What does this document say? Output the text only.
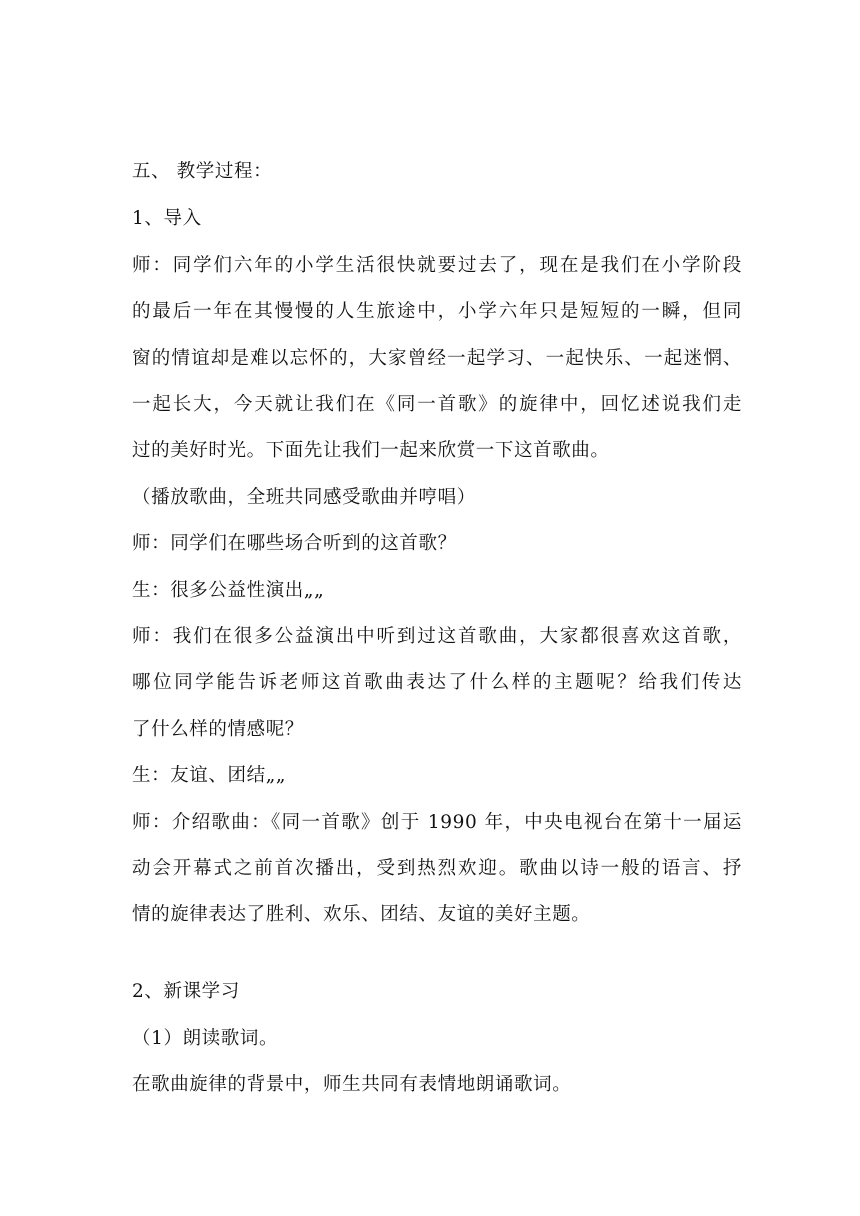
五、 教学过程：
1、导入
师：同学们六年的小学生活很快就要过去了，现在是我们在小学阶段
的最后一年在其慢慢的人生旅途中，小学六年只是短短的一瞬，但同
窗的情谊却是难以忘怀的，大家曾经一起学习、一起快乐、一起迷惘、
一起长大，今天就让我们在《同一首歌》的旋律中，回忆述说我们走
过的美好时光。下面先让我们一起来欣赏一下这首歌曲。
（播放歌曲，全班共同感受歌曲并哼唱）
师：同学们在哪些场合听到的这首歌？
生：很多公益性演出„„
师：我们在很多公益演出中听到过这首歌曲，大家都很喜欢这首歌，
哪位同学能告诉老师这首歌曲表达了什么样的主题呢？给我们传达
了什么样的情感呢？
生：友谊、团结„„
师：介绍歌曲：《同一首歌》创于 1990 年，中央电视台在第十一届运
动会开幕式之前首次播出，受到热烈欢迎。歌曲以诗一般的语言、抒
情的旋律表达了胜利、欢乐、团结、友谊的美好主题。
2、新课学习
（1）朗读歌词。
在歌曲旋律的背景中，师生共同有表情地朗诵歌词。
